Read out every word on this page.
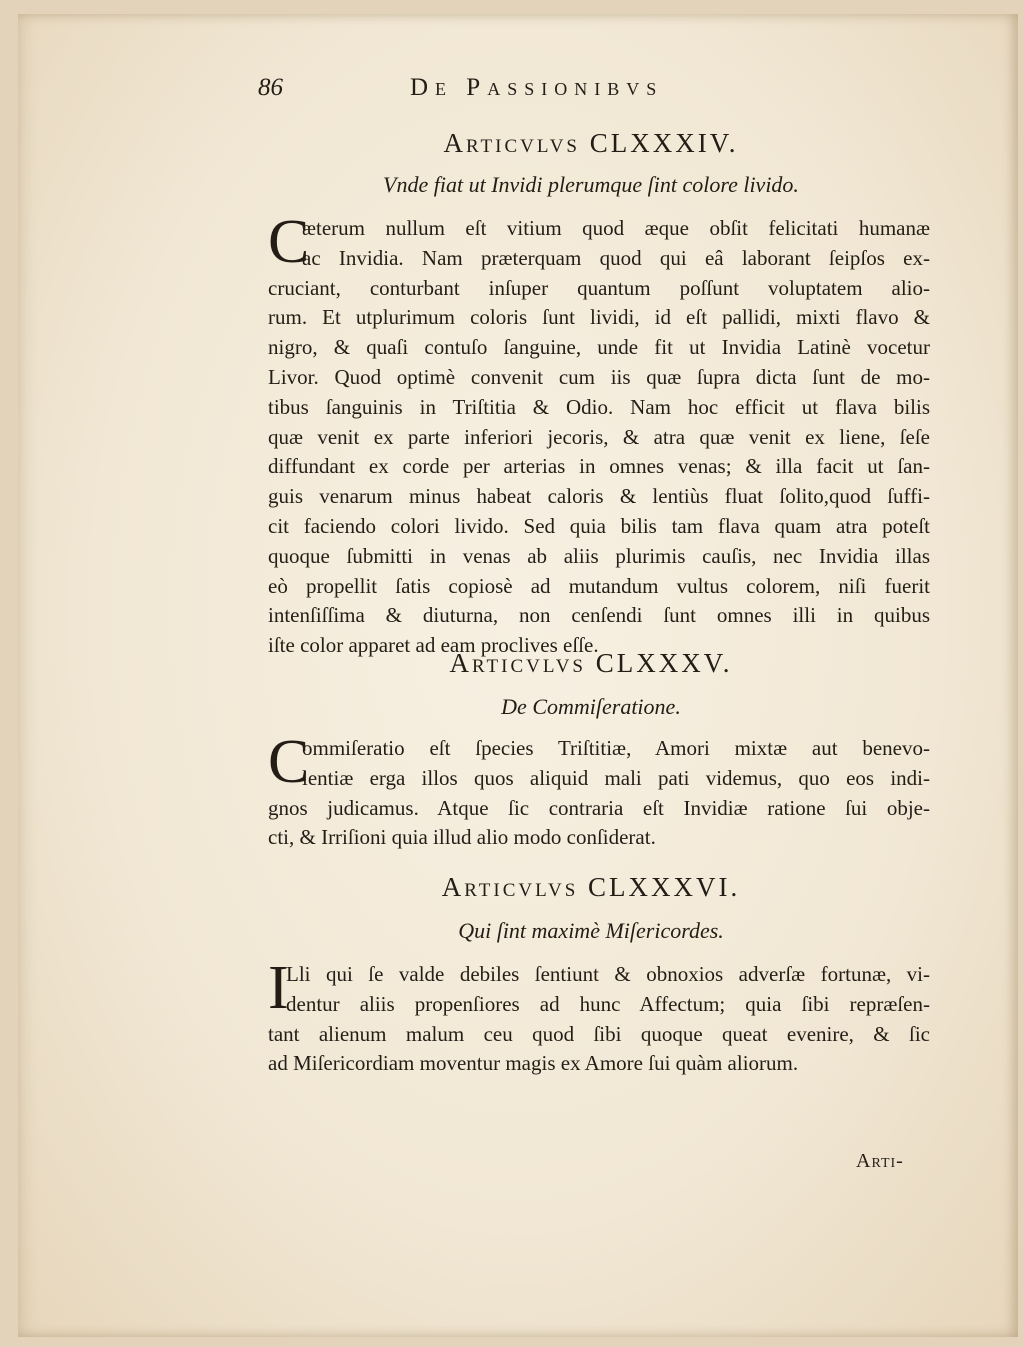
86	De Passionibvs
Articvlvs CLXXXIV.
Vnde fiat ut Invidi plerumque ſint colore livido.
C
æterum nullum eſt vitium quod æque obſit felicitati humanæ
ac Invidia. Nam præterquam quod qui eâ laborant ſeipſos ex-
cruciant, conturbant inſuper quantum poſſunt voluptatem alio-
rum. Et utplurimum coloris ſunt lividi, id eſt pallidi, mixti flavo &
nigro, & quaſi contuſo ſanguine, unde fit ut Invidia Latinè vocetur
Livor. Quod optimè convenit cum iis quæ ſupra dicta ſunt de mo-
tibus ſanguinis in Triſtitia & Odio. Nam hoc efficit ut flava bilis
quæ venit ex parte inferiori jecoris, & atra quæ venit ex liene, ſeſe
diffundant ex corde per arterias in omnes venas; & illa facit ut ſan-
guis venarum minus habeat caloris & lentiùs fluat ſolito,quod ſuffi-
cit faciendo colori livido. Sed quia bilis tam flava quam atra poteſt
quoque ſubmitti in venas ab aliis plurimis cauſis, nec Invidia illas
eò propellit ſatis copiosè ad mutandum vultus colorem, niſi fuerit
intenſiſſima & diuturna, non cenſendi ſunt omnes illi in quibus
iſte color apparet ad eam proclives eſſe.
Articvlvs CLXXXV.
De Commiſeratione.
C
ommiſeratio eſt ſpecies Triſtitiæ, Amori mixtæ aut benevo-
lentiæ erga illos quos aliquid mali pati videmus, quo eos indi-
gnos judicamus. Atque ſic contraria eſt Invidiæ ratione ſui obje-
cti, & Irriſioni quia illud alio modo conſiderat.
Articvlvs CLXXXVI.
Qui ſint maximè Miſericordes.
I
Lli qui ſe valde debiles ſentiunt & obnoxios adverſæ fortunæ, vi-
dentur aliis propenſiores ad hunc Affectum; quia ſibi repræſen-
tant alienum malum ceu quod ſibi quoque queat evenire, & ſic
ad Miſericordiam moventur magis ex Amore ſui quàm aliorum.
Arti-
